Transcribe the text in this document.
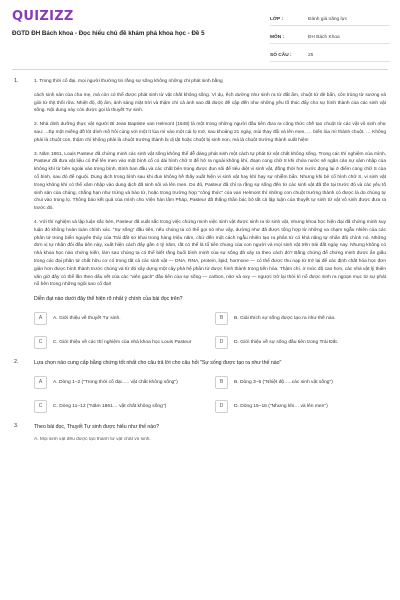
QUIZIZZ
ĐGTD ĐH Bách khoa - Đọc hiểu chủ đề khám phá khoa học - Đề 5
LỚP :	Đánh giá năng lực
MÔN :	ĐH Bách Khoa
SỐ CÂU :	25
1.	1. Trong thời cổ đại, mọi người thường tin rằng sự sống không những chỉ phát sinh bằng

cách sinh sản của cha mẹ, mà còn có thể được phát sinh từ vật chất không sống. Ví dụ, ếch dường như sinh ra từ đất ẩm, chuột từ đẻ bẩn, côn trùng từ sương và giòi từ thịt thối rữa. Nhiệt độ, độ ẩm, ánh sáng mặt trời và thậm chí cả ánh sao đã được đề cập đến như những yếu tố thúc đẩy cho sự hình thành của các sinh vật sống. Nội dung này còn được gọi là thuyết Tự sinh.

2. Nhà dinh dưỡng thực vật người Bỉ Jean Baptiste van Helmont (1648) là một trong những người đầu tiên đưa ra công thức chế tạo chuột từ các vật vô sinh như sau: ...Ép một miếng đồ lót dính mồ hôi cùng với một ít lúa mì vào một cái lọ mở, sau khoảng 21 ngày, mùi thay đổi và lên men, … biến lúa mì thành chuột. … Không phải là chuột con, thậm chí không phải là chuột trưởng thành bị dị tật hoặc chuột bị sinh non, mà là chuột trưởng thành xuất hiện!

3. Năm 1861, Louis Pasteur đã chứng minh các sinh vật sống không thể dễ dàng phát sinh một cách tự phát từ vật chất không sống. Trong các thí nghiệm của mình, Pasteur đã đưa vật liệu có thể lên men vào một bình cổ có dài hình chữ S để hở ra ngoài không khí, đoạn cong chữ S khi chứa nước sẽ ngăn cản sự xâm nhập của không khí từ bên ngoài vào trong bình. Bình ban đầu và các chất bên trong được đun sôi để tiêu diệt vi sinh vật, đồng thời hơi nước đọng lại ở điểm cong chữ S của cổ bình, sau đó để nguội. Dung dịch trong bình sau khi đun không hề thấy xuất hiện vi sinh vật hay khí hay sự nhiễm bẩn. Nhưng khi bẻ cổ hình chữ S, vi sinh vật trong không khí có thể xâm nhập vào dung dịch đã sinh sôi và lên men. Do đó, Pasteur đã chỉ ra rằng sự sống đến từ các sinh vật đã tồn tại trước đó và các yếu tố sinh sản của chúng, chẳng hạn như trứng và bào tử, hoặc trong trường hợp “công thức” của van Helmont thì những con chuột trưởng thành có được là do chúng tự chui vào trong lọ. Thông báo kết quả của mình cho Viện hàn lâm Pháp, Pasteur đã thắng thân bác bỏ tất cả lập luận của thuyết tự sinh từ vật vô sinh được đưa ra trước đó.

4. Với thí nghiệm và lập luận sắc bén, Pasteur đã xuất sắc trong việc chứng minh việc sinh vật được sinh ra từ sinh vật, nhưng khoa học hiện đại đã chứng minh suy luận đó không hoàn toàn chính xác. “Sự sống” đầu tiên, nếu chúng ta có thể gọi nó như vậy, dường như đã được tổng hợp từ những va chạm ngẫu nhiên của các phân tử trong biển nguyên thủy của Trái đất sơ khai trong hàng triệu năm, chứ đến một cách ngẫu nhiên tạo ra phân tử có khả năng tự nhân đôi chính nó. Những đơn vị tự nhân đôi đầu tiên này, xuất hiện cách đây gần 4 tỷ năm, rất có thể là tổ tiên chung của con người và mọi sinh vật trên trái đất ngày nay. Nhưng không có nhà khoa học nào chứng kiến, làm sao chúng ta có thể biết rằng buổi bình minh của sự sống đã xảy ra theo cách đó? Bằng chứng để chứng minh được ẩn giấu trong các đại phân tử chất hữu cơ có trong tất cả các sinh vật — DNA, RNA, protein, lipid, hormone — có thể được thu nạp từ trở lại để xác định chất hóa học đơn giản hơn được hình thành trước chúng và từ đó xây dựng một cây phả hệ phân tử được hình thành trong tiến hóa. Thậm chí, ở mức độ cao hơn, các nhà vật lý thiên văn giờ đây có thể lần theo dấu vết của các “viên gạch” đầu tiên của sự sống — carbon, nitơ và oxy — ngược trở lại thời kì nổ được sinh ra ngoạn mục từ sự phát nổ bên trong những ngôi sao cổ đại!

Diễn đạt nào dưới đây thể hiện rõ nhất ý chính của bài đọc trên?
A	A. Giới thiệu về thuyết Tự sinh.	B	B. Giải thích sự sống được tạo ra như thế nào.
C	C. Giới thiệu về các thí nghiệm của nhà khoa học Louis Pasteur	D	D. Giới thiệu về sự sống đầu tiên trong Trái Đất.
2.	Lựa chọn nào cung cấp bằng chứng tốt nhất cho câu trả lời cho câu hỏi "Sự sống được tạo ra như thế nào"
A	A. Dòng 1–2 ("Trong thời cổ đại….. vật chất không sống")	B	B. Dòng 3–5 ("Nhiệt độ…..các sinh vật sống")
C	C. Dòng 11–12 ("Năm 1861… vật chất không sống")	D	D. Dòng 15–16 ("Nhưng khi… và lên men")
3.	Theo bài đọc, Thuyết Tự sinh được hiểu như thế nào?
A. Mọi sinh vật đều được tạo thành từ vật chất vô sinh.
